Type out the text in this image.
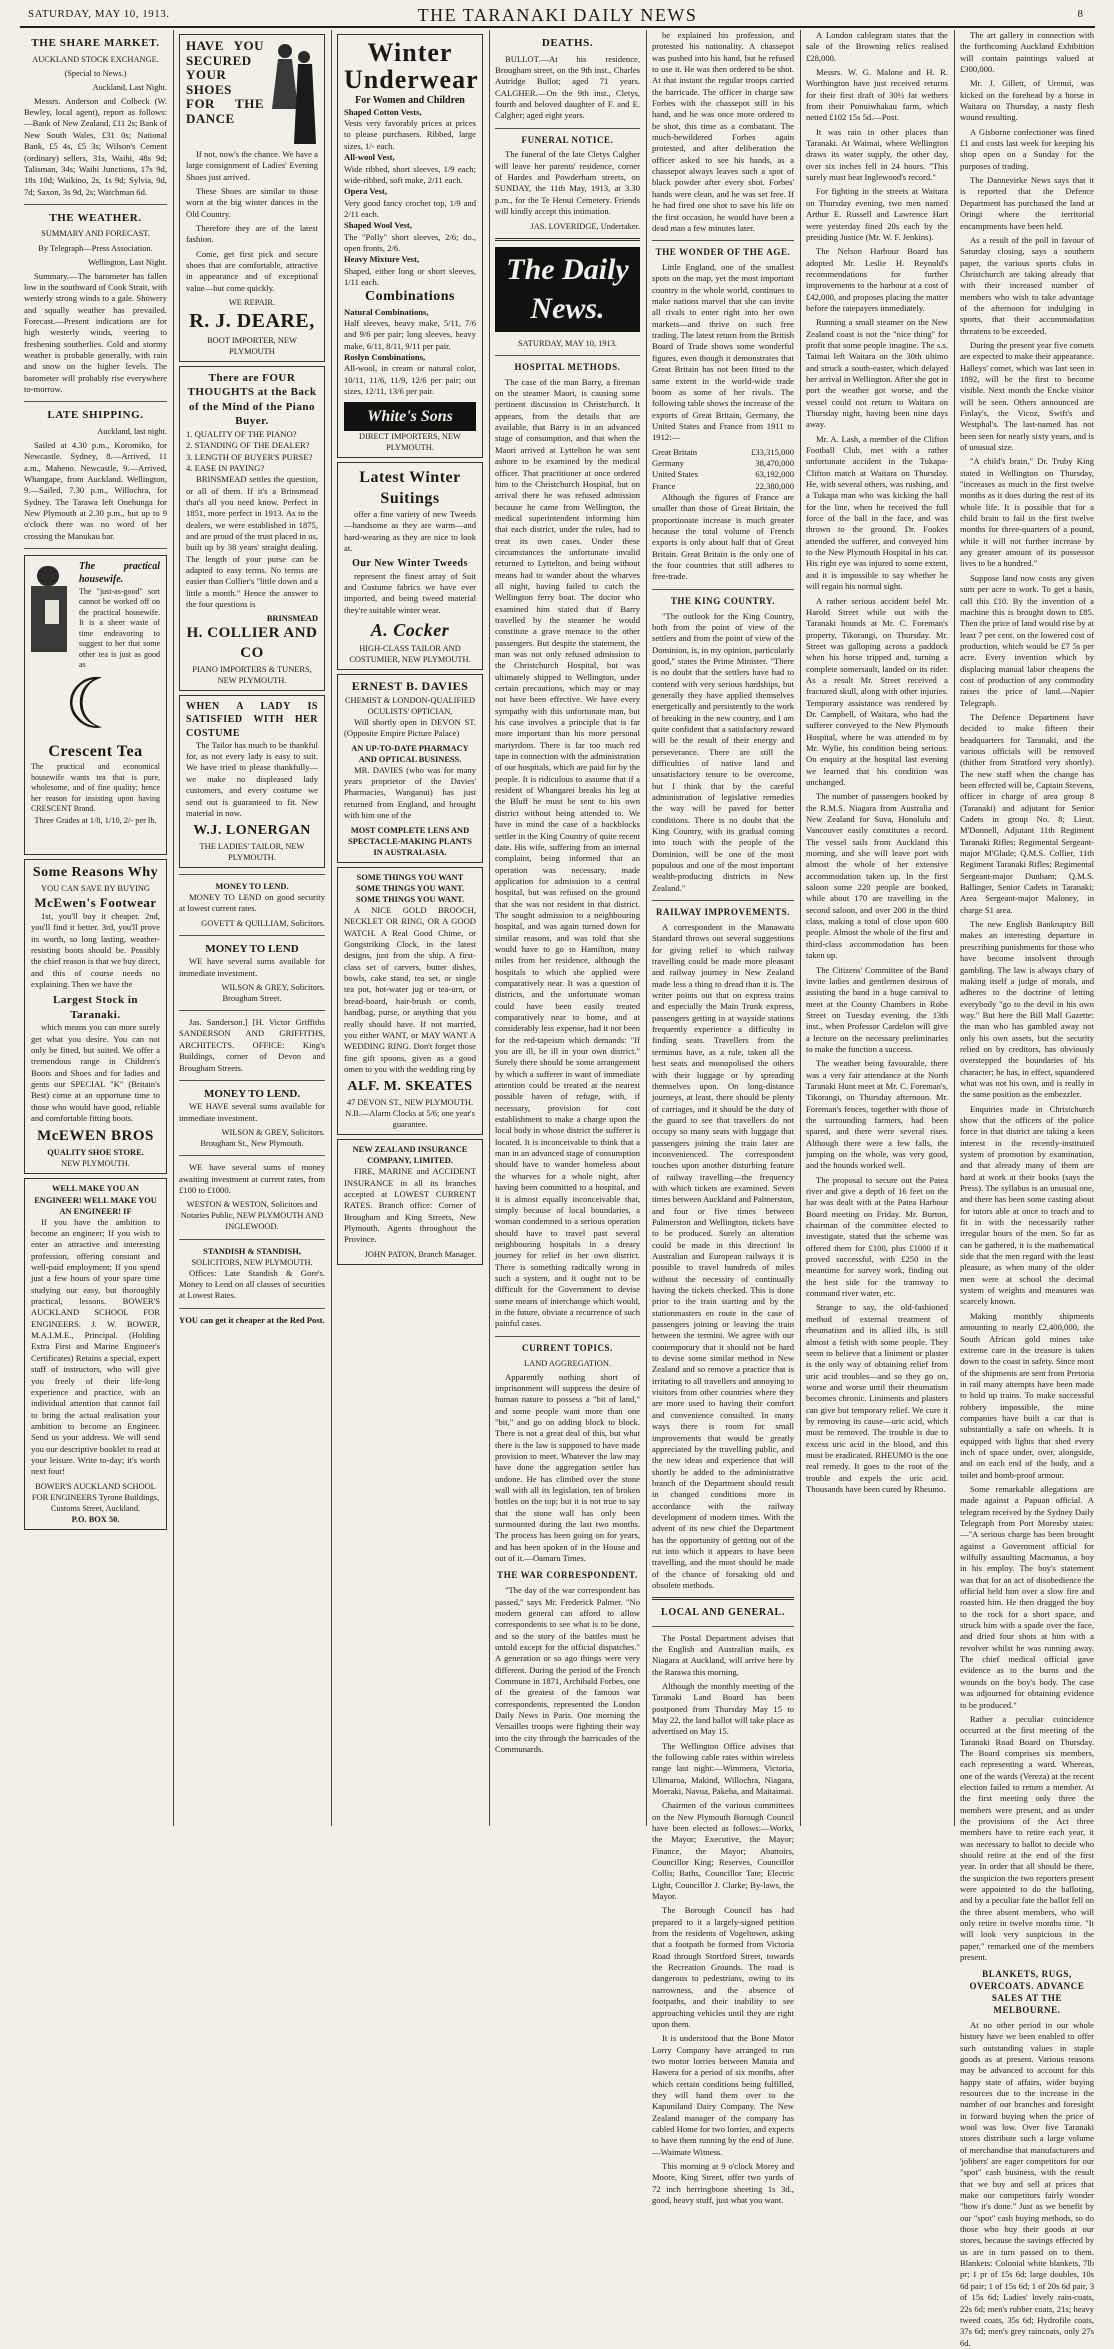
SATURDAY, MAY 10, 1913.	THE TARANAKI DAILY NEWS	8
THE SHARE MARKET.
AUCKLAND STOCK EXCHANGE.
(Special to News.)
Auckland, Last Night.

Messrs. Anderson and Colbeck (W. Bewley, local agent), report as follows:—Bank of New Zealand, £11 2s; Bank of New South Wales, £31 0s; National Bank, £5 4s, £5 3s; Wilson's Cement (ordinary) sellers, 31s, Waihi, 48s 9d; Talisman, 34s; Waihi Junctions, 17s 9d, 18s 10d; Waikino, 2s, 1s 9d; Sylvia, 9d, 7d; Saxon, 3s 9d, 2s; Watchman 6d.

THE WEATHER.
SUMMARY AND FORECAST.
By Telegraph—Press Association.
Wellington, Last Night.

Summary.—The barometer has fallen low in the southward of Cook Strait, with westerly strong winds to a gale. Showery and squally weather has prevailed. Forecast.—Present indications are for high westerly winds, veering to freshening southerlies. Cold and stormy weather is probable generally, with rain and snow on the higher levels. The barometer will probably rise everywhere to-morrow.

LATE SHIPPING.
Auckland, last night.

Sailed at 4.30 p.m., Koromiko, for Newcastle. Sydney, 8.—Arrived, 11 a.m., Maheno. Newcastle, 9.—Arrived, Whangape, from Auckland. Wellington, 9.—Sailed, 7.30 p.m., Willochra, for Sydney. The Tarawa left Onehunga for New Plymouth at 2.30 p.m., but up to 9 o'clock there was no word of her crossing the Manukau bar.

The practical housewife.
The "just-as-good" sort cannot be worked off on the practical housewife. It is a sheer waste of time endeavoring to suggest to her that some other tea is just as good as
☾
Crescent Tea
The practical and economical housewife wants tea that is pure, wholesome, and of fine quality; hence her reason for insisting upon having CRESCENT Brand.
Three Grades at 1/8, 1/10, 2/- per lb.
Some Reasons Why
YOU CAN SAVE BY BUYING
McEwen's Footwear

1st, you'll buy it cheaper. 2nd, you'll find it better. 3rd, you'll prove its worth, so long lasting, weather-resisting boots should be. Possibly the chief reason is that we buy direct, and this of course needs no explaining. Then we have the

Largest Stock in Taranaki.

which means you can more surely get what you desire. You can not only be fitted, but suited. We offer a tremendous range in Children's Boots and Shoes and for ladies and gents our SPECIAL "K" (Britain's Best) come at an opportune time to those who would have good, reliable and comfortable fitting boots.

McEWEN BROS
QUALITY SHOE STORE.
NEW PLYMOUTH.
WELL MAKE YOU AN ENGINEER! WELL MAKE YOU AN ENGINEER! IF

If you have the ambition to become an engineer; If you wish to enter an attractive and interesting profession, offering constant and well-paid employment; If you spend just a few hours of your spare time studying our easy, but thoroughly practical, lessons. BOWER'S AUCKLAND SCHOOL FOR ENGINEERS. J. W. BOWER, M.A.I.M.E., Principal. (Holding Extra First and Marine Engineer's Certificates) Retains a special, expert staff of instructors, who will give you freely of their life-long experience and practice, with an individual attention that cannot fail to bring the actual realisation your ambition to become an Engineer. Send us your address. We will send you our descriptive booklet to read at your leisure. Write to-day; it's worth next four!

BOWER'S AUCKLAND SCHOOL FOR ENGINEERS Tyrone Buildings, Customs Street, Auckland.
P.O. BOX 50.
HAVE YOU SECURED YOUR SHOES FOR THE DANCE

If not, now's the chance. We have a large consignment of Ladies' Evening Shoes just arrived.

These Shoes are similar to those worn at the big winter dances in the Old Country.

Therefore they are of the latest fashion.

Come, get first pick and secure shoes that are comfortable, attractive in appearance and of exceptional value—but come quickly.

WE REPAIR.
R. J. DEARE,
BOOT IMPORTER, NEW PLYMOUTH
There are FOUR THOUGHTS at the Back of the Mind of the Piano Buyer.
1. QUALITY OF THE PIANO?
2. STANDING OF THE DEALER?
3. LENGTH OF BUYER'S PURSE?
4. EASE IN PAYING?

BRINSMEAD settles the question, or all of them. If it's a Brinsmead that's all you need know. Perfect in 1851, more perfect in 1913. As to the dealers, we were established in 1875, and are proud of the trust placed in us, built up by 38 years' straight dealing. The length of your purse can be adapted to easy terms. No terms are easier than Collier's "little down and a little a month." Hence the answer to the four questions is

BRINSMEAD
H. COLLIER AND CO
PIANO IMPORTERS & TUNERS, NEW PLYMOUTH.
WHEN A LADY IS SATISFIED WITH HER COSTUME

The Tailor has much to be thankful for, as not every lady is easy to suit. We have tried to please thankfully—we make no displeased lady customers, and every costume we send out is guaranteed to fit. New material in now.

W.J. LONERGAN
THE LADIES' TAILOR, NEW PLYMOUTH.
MONEY TO LEND.

MONEY TO LEND on good security at lowest current rates.

GOVETT & QUILLIAM, Solicitors.
MONEY TO LEND

WE have several sums available for immediate investment.

WILSON & GREY, Solicitors.
Brougham Street.

Jas. Sanderson.] [H. Victor Griffiths SANDERSON AND GRIFFITHS, ARCHITECTS. OFFICE: King's Buildings, corner of Devon and Brougham Streets.

MONEY TO LEND.

WE HAVE several sums available for immediate investment.

WILSON & GREY, Solicitors.
Brougham St., New Plymouth.

WE have several sums of money awaiting investment at current rates, from £100 to £1000.

WESTON & WESTON, Solicitors and Notaries Public, NEW PLYMOUTH AND INGLEWOOD.
STANDISH & STANDISH,
SOLICITORS, NEW PLYMOUTH.

Offices: Late Standish & Gore's. Money to Lend on all classes of securities at Lowest Rates.

YOU can get it cheaper at the Red Post.

Winter Underwear
For Women and Children
Shaped Cotton Vests,
Vests very favorably prices at prices to please purchasers. Ribbed, large sizes, 1/- each.
All-wool Vest,
Wide ribbed, short sleeves, 1/9 each; wide-ribbed, soft make, 2/11 each.
Opera Vest,
Very good fancy crochet top, 1/9 and 2/11 each.
Shaped Wool Vest,
The "Polly" short sleeves, 2/6; do., open fronts, 2/6.
Heavy Mixture Vest,
Shaped, either long or short sleeves, 1/11 each.
Combinations
Natural Combinations,
Half sleeves, heavy make, 5/11, 7/6 and 9/6 per pair; long sleeves, heavy make, 6/11, 8/11, 9/11 per pair.
Roslyn Combinations,
All-wool, in cream or natural color, 10/11, 11/6, 11/9, 12/6 per pair; out sizes, 12/11, 13/6 per pair.
White's Sons
DIRECT IMPORTERS, NEW PLYMOUTH.
Latest Winter Suitings

offer a fine variety of new Tweeds—handsome as they are warm—and hard-wearing as they are nice to look at.

Our New Winter Tweeds

represent the finest array of Suit and Costume fabrics we have ever imported, and being tweed material they're suitable winter wear.

A. Cocker
HIGH-CLASS TAILOR AND COSTUMIER, NEW PLYMOUTH.
ERNEST B. DAVIES
CHEMIST & LONDON-QUALIFIED OCULISTS' OPTICIAN,

Will shortly open in DEVON ST. (Opposite Empire Picture Palace)

AN UP-TO-DATE PHARMACY AND OPTICAL BUSINESS.

MR. DAVIES (who was for many years proprietor of the Davies' Pharmacies, Wanganui) has just returned from England, and brought with him one of the

MOST COMPLETE LENS AND SPECTACLE-MAKING PLANTS IN AUSTRALASIA.
SOME THINGS YOU WANT SOME THINGS YOU WANT. SOME THINGS YOU WANT.

A NICE GOLD BROOCH, NECKLET OR RING, OR A GOOD WATCH. A Real Good Chime, or Gongstriking Clock, in the latest designs, just from the ship. A first-class set of carvers, butter dishes, bowls, cake stand, tea set, or single tea pot, hot-water jug or tea-urn, or bread-board, hair-brush or comb, handbag, purse, or anything that you really should have. If not married, you either WANT, or MAY WANT A WEDDING RING. Don't forget those fine gift spoons, given as a good omen to you with the wedding ring by

ALF. M. SKEATES
47 DEVON ST., NEW PLYMOUTH.
N.B.—Alarm Clocks at 5/6; one year's guarantee.
NEW ZEALAND INSURANCE COMPANY, LIMITED.

FIRE, MARINE and ACCIDENT INSURANCE in all its branches accepted at LOWEST CURRENT RATES. Branch office: Corner of Brougham and King Streets, New Plymouth. Agents throughout the Province.

JOHN PATON, Branch Manager.
DEATHS.

BULLOT.—At his residence, Brougham street, on the 9th inst., Charles Autridge Bullot; aged 71 years. CALGHER.—On the 9th inst., Cletys, fourth and beloved daughter of F. and E. Calgher; aged eight years.

FUNERAL NOTICE.

The funeral of the late Cletys Calgher will leave her parents' residence, corner of Hardes and Powderham streets, on SUNDAY, the 11th May, 1913, at 3.30 p.m., for the Te Henui Cemetery. Friends will kindly accept this intimation.

JAS. LOVERIDGE, Undertaker.
The Daily News.
SATURDAY, MAY 10, 1913.
HOSPITAL METHODS.

The case of the man Barry, a fireman on the steamer Maori, is causing some pertinent discussion in Christchurch. It appears, from the details that are available, that Barry is in an advanced stage of consumption, and that when the Maori arrived at Lyttelton he was sent ashore to be examined by the medical officer. That practitioner at once ordered him to the Christchurch Hospital, but on arrival there he was refused admission because he came from Wellington, the medical superintendent informing him that each district, under the rules, had to treat its own cases. Under these circumstances the unfortunate invalid returned to Lyttelton, and being without means had to wander about the wharves all night, having failed to catch the Wellington ferry boat. The doctor who examined him stated that if Barry travelled by the steamer he would constitute a grave menace to the other passengers. But despite the statement, the man was not only refused admission to the Christchurch Hospital, but was ultimately shipped to Wellington, under certain precautions, which may or may not have been effective. We have every sympathy with this unfortunate man, but his case involves a principle that is far more important than his more personal martyrdom. There is far too much red tape in connection with the administration of our hospitals, which are paid for by the people. It is ridiculous to assume that if a resident of Whangarei breaks his leg at the Bluff he must be sent to his own district without being attended to. We have in mind the case of a backblocks settler in the King Country of quite recent date. His wife, suffering from an internal complaint, being informed that an operation was necessary, made application for admission to a central hospital, but was refused on the ground that she was not resident in that district. The sought admission to a neighbouring hospital, and was again turned down for similar reasons, and was told that she would have to go to Hamilton, many miles from her residence, although the hospitals to which she applied were comparatively near. It was a question of districts, and the unfortunate woman could have been easily treated comparatively near to home, and at considerably less expense, had it not been for the red-tapeism which demands: "If you are ill, be ill in your own district." Surely there should be some arrangement by which a sufferer in want of immediate attention could be treated at the nearest possible haven of refuge, with, if necessary, provision for cost establishment to make a charge upon the local body in whose district the sufferer is located. It is inconceivable to think that a man in an advanced stage of consumption should have to wander homeless about the wharves for a whole night, after having been committed to a hospital, and it is almost equally inconceivable that, simply because of local boundaries, a woman condemned to a serious operation should have to travel past several neighbouring hospitals in a dreary journey for relief in her own district. There is something radically wrong in such a system, and it ought not to be difficult for the Government to devise some means of interchange which would, in the future, obviate a recurrence of such painful cases.

CURRENT TOPICS.
LAND AGGREGATION.

Apparently nothing short of imprisonment will suppress the desire of human nature to possess a "bit of land," and some people want more than one "bit," and go on adding block to block. There is not a great deal of this, but what there is the law is supposed to have made provision to meet. Whatever the law may have done the aggregation settler has undone. He has climbed over the stone wall with all its legislation, ten of broken bottles on the top; but it is not true to say that the stone wall has only been surmounted during the last two months. The process has been going on for years, and has been spoken of in the House and out of it.—Oamaru Times.

THE WAR CORRESPONDENT.

"The day of the war correspondent has passed," says Mr. Frederick Palmer. "No modern general can afford to allow correspondents to see what is to be done, and so the story of the battles must be untold except for the official dispatches." A generation or so ago things were very different. During the period of the French Commune in 1871, Archibald Forbes, one of the greatest of the famous war correspondents, represented the London Daily News in Paris. One morning the Versailles troops were fighting their way into the city through the barricades of the Communards.

be explained his profession, and protested his nationality. A chassepot was pushed into his hand, but he refused to use it. He was then ordered to be shot. At that instant the regular troops carried the barricade. The officer in charge saw Forbes with the chassepot still in his hand, and he was once more ordered to be shot, this time as a combatant. The much-bewildered Forbes again protested, and after deliberation the officer asked to see his hands, as a chassepot always leaves such a spot of black powder after every shot. Forbes' hands were clean, and he was set free. If he had fired one shot to save his life on the first occasion, he would have been a dead man a few minutes later.

THE WONDER OF THE AGE.

Little England, one of the smallest spots on the map, yet the most important country in the whole world, continues to make nations marvel that she can invite all rivals to enter right into her own markets—and thrive on such free trading. The latest return from the British Board of Trade shows some wonderful figures, even though it demonstrates that Great Britain has not been fitted to the same extent in the world-wide trade boom as some of her rivals. The following table shows the increase of the exports of Great Britain, Germany, the United States and France from 1911 to 1912:—

Great Britain	£33,315,000
Germany	38,470,000
United States	63,192,000
France	22,380,000

Although the figures of France are smaller than those of Great Britain, the proportionate increase is much greater because the total volume of French exports is only about half that of Great Britain. Great Britain is the only one of the four countries that still adheres to free-trade.

THE KING COUNTRY.

"The outlook for the King Country, both from the point of view of the settlers and from the point of view of the Dominion, is, in my opinion, particularly good," states the Prime Minister. "There is no doubt that the settlers have had to contend with very serious hardships, but generally they have applied themselves energetically and persistently to the work of breaking in the new country, and I am quite confident that a satisfactory reward will be the result of their energy and perseverance. There are still the difficulties of native land and unsatisfactory tenure to be overcome, but I think that by the careful administration of legislative remedies the way will be paved for better conditions. There is no doubt that the King Country, with its gradual coming into touch with the people of the Dominion, will be one of the most populous and one of the most important wealth-producing districts in New Zealand."

RAILWAY IMPROVEMENTS.

A correspondent in the Manawatu Standard throws out several suggestions for giving relief to which railway travelling could be made more pleasant and railway journey in New Zealand made less a thing to dread than it is. The writer points out that on express trains and especially the Main Trunk express, passengers getting in at wayside stations frequently experience a difficulty in finding seats. Travellers from the terminus have, as a rule, taken all the best seats and monopolised the others with their luggage or by spreading themselves upon. On long-distance journeys, at least, there should be plenty of carriages, and it should be the duty of the guard to see that travellers do not occupy so many seats with luggage that passengers joining the train later are inconvenienced. The correspondent touches upon another disturbing feature of railway travelling—the frequency with which tickets are examined. Seven times between Auckland and Palmerston, and four or five times between Palmerston and Wellington, tickets have to be produced. Surely an alteration could be made in this direction! In Australian and European railways it is possible to travel hundreds of miles without the necessity of continually having the tickets checked. This is done prior to the train starting and by the stationmasters en route in the case of passengers joining or leaving the train between the termini. We agree with our contemporary that it should not be hard to devise some similar method in New Zealand and so remove a practice that is irritating to all travellers and annoying to visitors from other countries where they are more used to having their comfort and convenience consulted. In many ways there is room for small improvements that would be greatly appreciated by the travelling public, and the new ideas and experience that will shortly be added to the administrative branch of the Department should result in changed conditions more in accordance with the railway development of modern times. With the advent of its new chief the Department has the opportunity of getting out of the rut into which it appears to have been travelling, and the most should be made of the chance of forsaking old and obsolete methods.

LOCAL AND GENERAL.

The Postal Department advises that the English and Australian mails, ex Niagara at Auckland, will arrive here by the Rarawa this morning.

Although the monthly meeting of the Taranaki Land Board has been postponed from Thursday May 15 to May 22, the land ballot will take place as advertised on May 15.

The Wellington Office advises that the following cable rates within wireless range last night:—Wimmera, Victoria, Ulimaroa, Makind, Willochra, Niagara, Moeraki, Navua, Pakeha, and Maitaimai.

Chairmen of the various committees on the New Plymouth Borough Council have been elected as follows:—Works, the Mayor; Executive, the Mayor; Finance, the Mayor; Abattoirs, Councillor King; Reserves, Councillor Collis; Baths, Councillor Tate; Electric Light, Councillor J. Clarke; By-laws, the Mayor.

The Borough Council has had prepared to it a largely-signed petition from the residents of Vogeltown, asking that a footpath be formed from Victoria Road through Stortford Street, towards the Recreation Grounds. The road is dangerous to pedestrians, owing to its narrowness, and the absence of footpaths, and their inability to see approaching vehicles until they are right upon them.

It is understood that the Bone Motor Lorry Company have arranged to run two motor lorries between Manaia and Hawera for a period of six months, after which certain conditions being fulfilled, they will hand them over to the Kapuniland Dairy Company. The New Zealand manager of the company has cabled Home for two lorries, and expects to have them running by the end of June.—Waimate Witness.

This morning at 9 o'clock Morey and Moore, King Street, offer two yards of 72 inch herringbone sheeting 1s 3d., good, heavy stuff, just what you want.

A London cablegram states that the sale of the Browning relics realised £28,000.

Messrs. W. G. Malone and H. R. Worthington have just received returns for their first draft of 30½ fat wethers from their Ponuiwhakau farm, which netted £102 15s 5d.—Post.

It was rain in other places than Taranaki. At Waimai, where Wellington draws its water supply, the other day, over six inches fell in 24 hours. "This surely must beat Inglewood's record."

For fighting in the streets at Waitara on Thursday evening, two men named Arthur E. Russell and Lawrence Hart were yesterday fined 20s each by the presiding Justice (Mr. W. F. Jenkins).

The Nelson Harbour Board has adopted Mr. Leslie H. Reynold's recommendations for further improvements to the harbour at a cost of £42,000, and proposes placing the matter before the ratepayers immediately.

Running a small steamer on the New Zealand coast is not the "nice thing" for profit that some people imagine. The s.s. Taimai left Waitara on the 30th ultimo and struck a south-easter, which delayed her arrival in Wellington. After she got in port the weather got worse, and the vessel could not return to Waitara on Thursday night, having been nine days away.

Mr. A. Lash, a member of the Clifton Football Club, met with a rather unfortunate accident in the Tukapa-Clifton match at Waitara on Thursday. He, with several others, was rushing, and a Tukapa man who was kicking the ball for the line, when he received the full force of the ball in the face, and was thrown to the ground. Dr. Fookes attended the sufferer, and conveyed him to the New Plymouth Hospital in his car. His right eye was injured to some extent, and it is impossible to say whether he will regain his normal sight.

A rather serious accident befel Mr. Harold Street while out with the Taranaki hounds at Mr. C. Foreman's property, Tikorangi, on Thursday. Mr. Street was galloping across a paddock when his horse tripped and, turning a complete somersault, landed on its rider. As a result Mr. Street received a fractured skull, along with other injuries. Temporary assistance was rendered by Dr. Campbell, of Waitara, who had the sufferer conveyed to the New Plymouth Hospital, where he was attended to by Mr. Wylie, his condition being serious. On enquiry at the hospital last evening we learned that his condition was unchanged.

The number of passengers booked by the R.M.S. Niagara from Australia and New Zealand for Suva, Honolulu and Vancouver easily constitutes a record. The vessel sails from Auckland this morning, and she will leave port with almost the whole of her extensive accommodation taken up. In the first saloon some 220 people are booked, while about 170 are travelling in the second saloon, and over 200 in the third class, making a total of close upon 600 people. Almost the whole of the first and third-class accommodation has been taken up.

The Citizens' Committee of the Band invite ladies and gentlemen desirous of assisting the band in a huge carnival to meet at the County Chambers in Robe Street on Tuesday evening, the 13th inst., when Professor Cardelon will give a lecture on the necessary preliminaries to make the function a success.

The weather being favourable, there was a very fair attendance at the North Taranaki Hunt meet at Mr. C. Foreman's, Tikorangi, on Thursday afternoon. Mr. Foreman's fences, together with those of the surrounding farmers, had been spared, and there were several rises. Although there were a few falls, the jumping on the whole, was very good, and the hounds worked well.

The proposal to secure out the Patea river and give a depth of 16 feet on the bar was dealt with at the Patea Harbour Board meeting on Friday. Mr. Burton, chairman of the committee elected to investigate, stated that the scheme was offered them for £100, plus £1000 if it proved successful, with £250 in the meantime for survey work, finding out the best side for the tramway to command river water, etc.

Strange to say, the old-fashioned method of external treatment of rheumatism and its allied ills, is still almost a fetish with some people. They seem to believe that a liniment or plaster is the only way of obtaining relief from uric acid troubles—and so they go on, worse and worse until their rheumatism becomes chronic. Liniments and plasters can give but temporary relief. We cure it by removing its cause—uric acid, which must be removed. The trouble is due to excess uric acid in the blood, and this must be eradicated. RHEUMO is the one real remedy. It goes to the root of the trouble and expels the uric acid. Thousands have been cured by Rheumo.

The art gallery in connection with the forthcoming Auckland Exhibition will contain paintings valued at £300,000.

Mr. J. Gillett, of Urenui, was kicked on the forehead by a horse in Waitara on Thursday, a nasty flesh wound resulting.

A Gisborne confectioner was fined £1 and costs last week for keeping his shop open on a Sunday for the purposes of trading.

The Dannevirke News says that it is reported that the Defence Department has purchased the land at Oringi where the territorial encampments have been held.

As a result of the poll in favour of Saturday closing, says a southern paper, the various sports clubs in Christchurch are taking already that with their increased number of members who wish to take advantage of the afternoon for indulging in sports, that their accommodation threatens to be exceeded.

During the present year five comets are expected to make their appearance. Halleys' comet, which was last seen in 1892, will be the first to become visible. Next month the Encke visitor will be seen. Others announced are Finlay's, the Vicoz, Swift's and Westphal's. The last-named has not been seen for nearly sixty years, and is of unusual size.

"A child's brain," Dr. Truby King stated in Wellington on Thursday, "increases as much in the first twelve months as it does during the rest of its whole life. It is possible that for a child brain to fail in the first twelve months for three-quarters of a pound, while it will not further increase by any greater amount of its possessor lives to be a hundred."

Suppose land now costs any given sum per acre to work. To get a basis, call this £10. By the invention of a machine this is brought down to £85. Then the price of land would rise by at least 7 per cent. on the lowered cost of production, which would be £7 5s per acre. Every invention which by displacing manual labor cheapens the cost of production of any commodity raises the price of land.—Napier Telegraph.

The Defence Department have decided to make fifteen their headquarters for Taranaki, and the various officials will be removed (thither from Stratford very shortly). The new staff when the change has been effected will be, Captain Stevens, officer in charge of area group 8 (Taranaki) and adjutant for Senior Cadets in group No. 8; Lieut. M'Donnell, Adjutant 11th Regiment Taranaki Rifles; Regimental Sergeant-major M'Glade; Q.M.S. Collier, 11th Regiment Taranaki Rifles; Regimental Sergeant-major Dunham; Q.M.S. Ballinger, Senior Cadets in Taranaki; Area Sergeant-major Maloney, in charge S1 area.

The new English Bankruptcy Bill makes an interesting departure in prescribing punishments for those who have become insolvent through gambling. The law is always chary of making itself a judge of morals, and adheres to the doctrine of letting everybody "go to the devil in his own way." But here the Bill Mall Gazette: the man who has gambled away not only his own assets, but the security relied on by creditors, has obviously overstepped the boundaries of his character; he has, in effect, squandered what was not his own, and is really in the same position as the embezzler.

Enquiries made in Christchurch show that the officers of the police force in that district are taking a keen interest in the recently-instituted system of promotion by examination, and that already many of them are hard at work at their books (says the Press). The syllabus is an unusual one, and there has been some casting about for tutors able at once to teach and to fit in with the necessarily rather irregular hours of the men. So far as can be gathered, it is the mathematical side that the men regard with the least pleasure, as when many of the older men were at school the decimal system of weights and measures was scarcely known.

Making monthly shipments amounting to nearly £2,400,000, the South African gold mines take extreme care in the treasure is taken down to the coast in safety. Since most of the shipments are sent from Pretoria in rail many attempts have been made to hold up trains. To make successful robbery impossible, the mine companies have built a car that is substantially a safe on wheels. It is equipped with lights that shed every inch of space under, over, alongside, and on each end of the body, and a toilet and bomb-proof armour.

Some remarkable allegations are made against a Papuan official. A telegram received by the Sydney Daily Telegraph from Port Moresby states:—"A serious charge has been brought against a Government official for wilfully assaulting Macmanus, a boy in his employ. The boy's statement was that for an act of disobedience the official held him over a slow fire and roasted him. He then dragged the boy to the rock for a short space, and struck him with a spade over the face, and dried four shots at him with a revolver whilst he was running away. The chief medical official gave evidence as to the burns and the wounds on the boy's body. The case was adjourned for obtaining evidence to be produced."

Rather a peculiar coincidence occurred at the first meeting of the Taranaki Road Board on Thursday. The Board comprises six members, each representing a ward. Whereas, one of the wards (Vereza) at the recent election failed to return a member. At the first meeting only three the members were present, and as under the provisions of the Act three members have to retire each year, it was necessary to ballot to decide who should retire at the end of the first year. In order that all should be there, the suspicion the two reporters present were appointed to do the balloting, and by a peculiar fate the ballot fell on the three absent members, who will only retire in twelve months time. "It will look very suspicious in the paper," remarked one of the members present.

BLANKETS, RUGS, OVERCOATS. ADVANCE SALES AT THE MELBOURNE.

At no other period in our whole history have we been enabled to offer such outstanding values in staple goods as at present. Various reasons may be advanced to account for this happy state of affairs, wider buying resources due to the increase in the number of our branches and foresight in forward buying when the price of wool was low. Over five Taranaki stores distribute such a large volume of merchandise that manufacturers and 'jobbers' are eager competitors for our "spot" cash business, with the result that we buy and sell at prices that make our competitors fairly wonder "how it's done." Just as we benefit by our "spot" cash buying methods, so do those who buy their goods at our stores, because the savings effected by us are in turn passed on to them. Blankets: Colonial white blankets, 7lb pr; 1 pr of 15s 6d; large doubles, 10s 6d pair; 1 of 15s 6d; 1 of 20s 6d pair, 3 of 15s 6d; Ladies' lovely rain-coats, 22s 6d; men's rubber coats, 21s; heavy tweed coats, 35s 6d; Hydrofile coats, 37s 6d; men's grey raincoats, only 27s 6d.
